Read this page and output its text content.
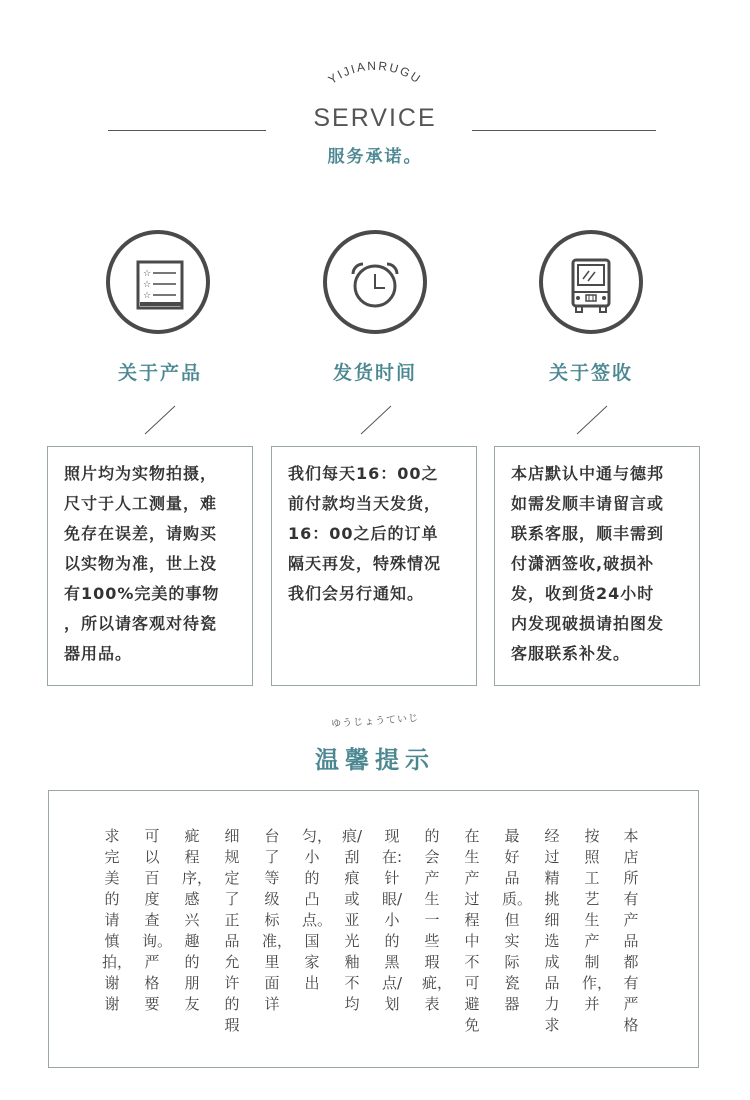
YIJIANRUGU
SERVICE
服务承诺。
☆
☆
☆
关于产品	发货时间	关于签收
照片均为实物拍摄，
尺寸于人工测量，难
免存在误差，请购买
以实物为准，世上没
有100%完美的事物
，所以请客观对待瓷
器用品。
我们每天16：00之
前付款均当天发货，
16：00之后的订单
隔天再发，特殊情况
我们会另行通知。
本店默认中通与德邦
如需发顺丰请留言或
联系客服，顺丰需到
付潇洒签收,破损补
发，收到货24小时
内发现破损请拍图发
客服联系补发。
ゆうじょうていじ
温馨提示
本店所有产品都有严格
按照工艺生产制作，并
经过精挑细选成品力求
最好品质。但实际瓷器
在生产过程中不可避免
的会产生一些瑕疵，表
现在:针眼/小的黑点/划
痕/刮痕或亚光釉不均
匀，小的凸点。国家出
台了等级标准，里面详
细规定了正品允许的瑕
疵程序，感兴趣的朋友
可以百度查询。严格要
求完美的请慎拍，谢谢
